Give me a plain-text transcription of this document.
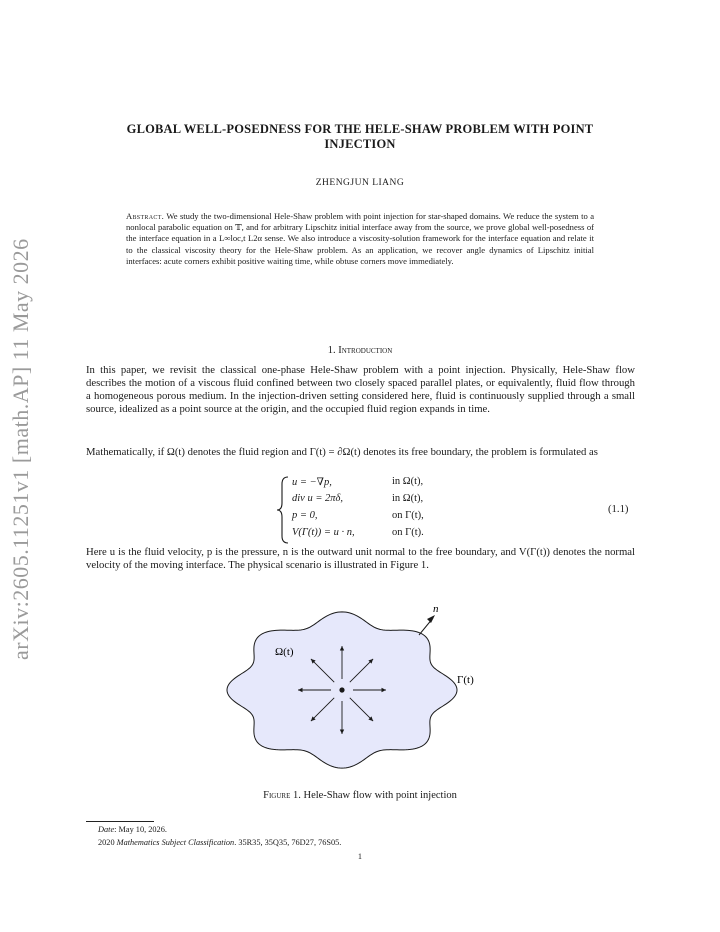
arXiv:2605.11251v1 [math.AP] 11 May 2026
GLOBAL WELL-POSEDNESS FOR THE HELE-SHAW PROBLEM WITH POINT INJECTION
ZHENGJUN LIANG
Abstract. We study the two-dimensional Hele-Shaw problem with point injection for star-shaped domains. We reduce the system to a nonlocal parabolic equation on 𝕋, and for arbitrary Lipschitz initial interface away from the source, we prove global well-posedness of the interface equation in a L∞loc,t L2α sense. We also introduce a viscosity-solution framework for the interface equation and relate it to the classical viscosity theory for the Hele-Shaw problem. As an application, we recover angle dynamics of Lipschitz initial interfaces: acute corners exhibit positive waiting time, while obtuse corners move immediately.
1. Introduction
In this paper, we revisit the classical one-phase Hele-Shaw problem with a point injection. Physically, Hele-Shaw flow describes the motion of a viscous fluid confined between two closely spaced parallel plates, or equivalently, fluid flow through a homogeneous porous medium. In the injection-driven setting considered here, fluid is continuously supplied through a small source, idealized as a point source at the origin, and the occupied fluid region expands in time.
Mathematically, if Ω(t) denotes the fluid region and Γ(t) = ∂Ω(t) denotes its free boundary, the problem is formulated as
u = −∇p,	in Ω(t),
div u = 2πδ,	in Ω(t),
p = 0,	on Γ(t),
V(Γ(t)) = u · n,	on Γ(t).
(1.1)
Here u is the fluid velocity, p is the pressure, n is the outward unit normal to the free boundary, and V(Γ(t)) denotes the normal velocity of the moving interface. The physical scenario is illustrated in Figure 1.
n
Ω(t)
Γ(t)
Figure 1. Hele-Shaw flow with point injection
Date: May 10, 2026.
2020 Mathematics Subject Classification. 35R35, 35Q35, 76D27, 76S05.
1
